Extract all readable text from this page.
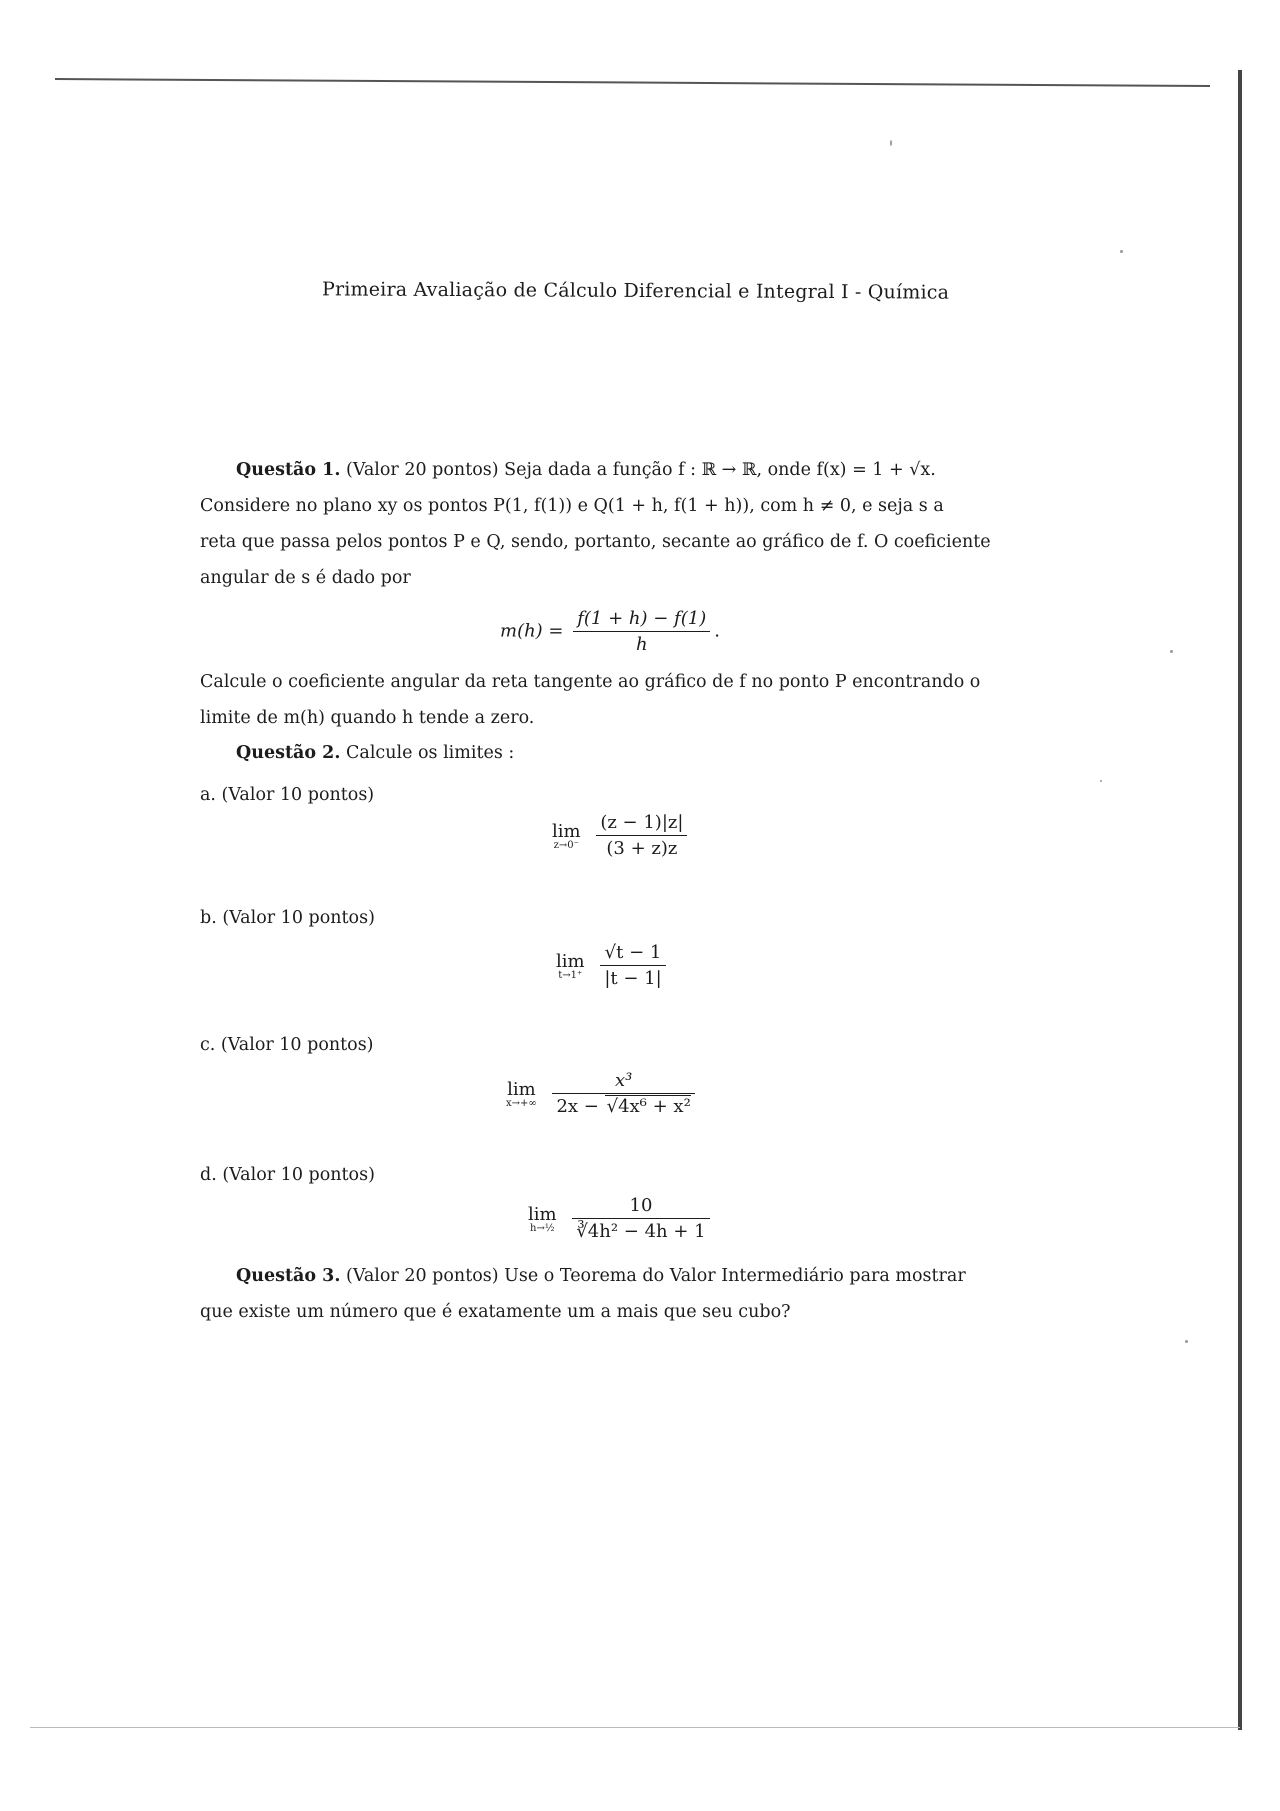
Primeira Avaliação de Cálculo Diferencial e Integral I - Química
Questão 1. (Valor 20 pontos) Seja dada a função f : ℝ → ℝ, onde f(x) = 1 + √x.
Considere no plano xy os pontos P(1, f(1)) e Q(1 + h, f(1 + h)), com h ≠ 0, e seja s a
reta que passa pelos pontos P e Q, sendo, portanto, secante ao gráfico de f. O coeficiente
angular de s é dado por
$m(h) = \frac{f(1 + h) - f(1)}{h}$ .
Calcule o coeficiente angular da reta tangente ao gráfico de f no ponto P encontrando o
limite de m(h) quando h tende a zero.
Questão 2. Calcule os limites :
a. (Valor 10 pontos)
lim
z→0⁻
$\frac{(z - 1)|z|}{(3 + z)z}$
b. (Valor 10 pontos)
lim
t→1⁺
$\frac{√t - 1}{|t - 1|}$
c. (Valor 10 pontos)
lim
x→+∞
$\frac{\text{x³}}{\text{2x − √4x⁶ + x²}}$
d. (Valor 10 pontos)
lim
h→½
$\frac{10}{\text{∛4h² − 4h + 1}}$
Questão 3. (Valor 20 pontos) Use o Teorema do Valor Intermediário para mostrar
que existe um número que é exatamente um a mais que seu cubo?
